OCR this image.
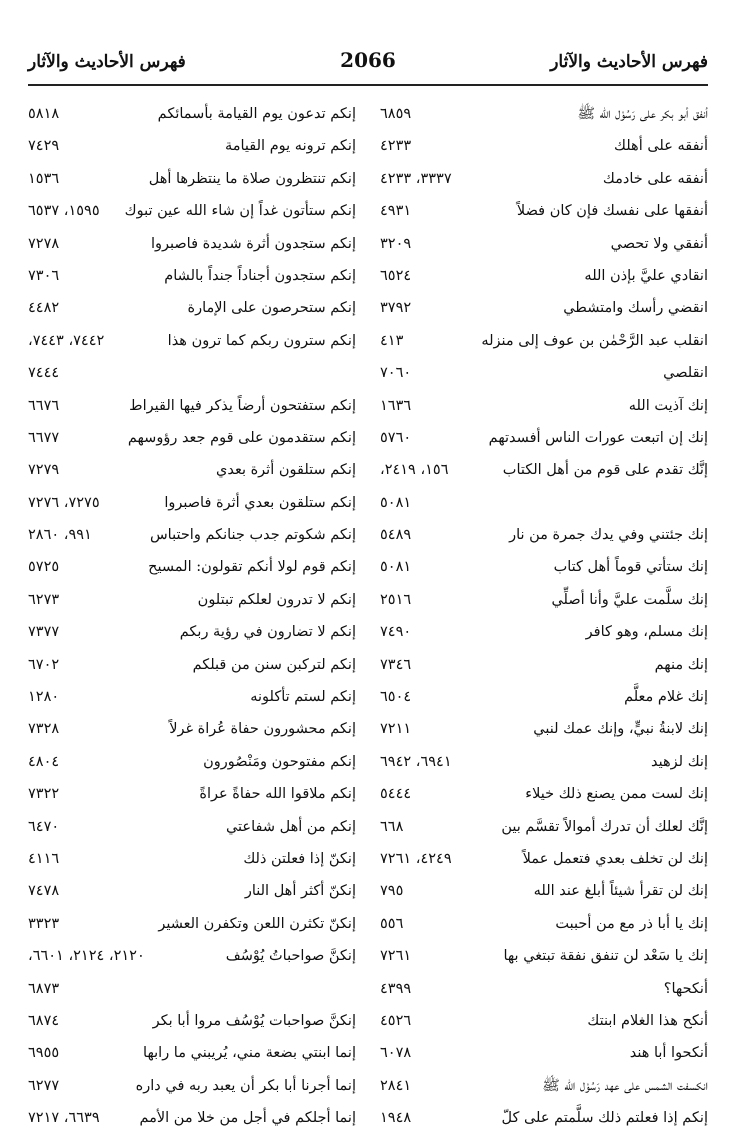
فهرس الأحاديث والآثار
2066
فهرس الأحاديث والآثار
أنفق أبو بكر على رَسُوْل الله ﷺ
٦٨٥٩
أنفقه على أهلك
٤٢٣٣
أنفقه على خادمك
٣٣٣٧، ٤٢٣٣
أنفقها على نفسك فإن كان فضلاً
٤٩٣١
أنفقي ولا تحصي
٣٢٠٩
انقادي عليَّ بإذن الله
٦٥٢٤
انقضي رأسك وامتشطي
٣٧٩٢
انقلب عبد الرَّحْمٰن بن عوف إلى منزله
٤١٣
انقلصي
٧٠٦٠
إنك آذيت الله
١٦٣٦
إنك إن اتبعت عورات الناس أفسدتهم
٥٧٦٠
إنَّك تقدم على قوم من أهل الكتاب
١٥٦، ٢٤١٩،
٥٠٨١
إنك جئتني وفي يدك جمرة من نار
٥٤٨٩
إنك ستأتي قوماً أهل كتاب
٥٠٨١
إنك سلَّمت عليَّ وأنا أصلِّي
٢٥١٦
إنك مسلم، وهو كافر
٧٤٩٠
إنك منهم
٧٣٤٦
إنك غلام معلَّم
٦٥٠٤
إنك لابنةُ نبيٍّ، وإنك عمك لنبي
٧٢١١
إنك لزهيد
٦٩٤١، ٦٩٤٢
إنك لست ممن يصنع ذلك خيلاء
٥٤٤٤
إنَّك لعلك أن تدرك أموالاً تقسَّم بين
٦٦٨
إنك لن تخلف بعدي فتعمل عملاً
٤٢٤٩، ٧٢٦١
إنك لن تقرأ شيئاً أبلغ عند الله
٧٩٥
إنك يا أبا ذر مع من أحببت
٥٥٦
إنك يا سَعْد لن تنفق نفقة تبتغي بها
٧٢٦١
أنكحها؟
٤٣٩٩
أنكح هذا الغلام ابنتك
٤٥٢٦
أنكحوا أبا هند
٦٠٧٨
انكسفت الشمس على عهد رَسُوْل الله ﷺ
٢٨٤١
إنكم إذا فعلتم ذلك سلَّمتم على كلّ
١٩٤٨
إنكم تدعون يوم القيامة بأسمائكم
٥٨١٨
إنكم ترونه يوم القيامة
٧٤٢٩
إنكم تنتظرون صلاة ما ينتظرها أهل
١٥٣٦
إنكم ستأتون غداً إن شاء الله عين تبوك
١٥٩٥، ٦٥٣٧
إنكم ستجدون أثرة شديدة فاصبروا
٧٢٧٨
إنكم ستجدون أجناداً جنداً بالشام
٧٣٠٦
إنكم ستحرصون على الإمارة
٤٤٨٢
إنكم سترون ربكم كما ترون هذا
٧٤٤٢، ٧٤٤٣،
٧٤٤٤
إنكم ستفتحون أرضاً يذكر فيها القيراط
٦٦٧٦
إنكم ستقدمون على قوم جعد رؤوسهم
٦٦٧٧
إنكم ستلقون أثرة بعدي
٧٢٧٩
إنكم ستلقون بعدي أثرة فاصبروا
٧٢٧٥، ٧٢٧٦
إنكم شكوتم جدب جنانكم واحتباس
٩٩١، ٢٨٦٠
إنكم قوم لولا أنكم تقولون: المسيح
٥٧٢٥
إنكم لا تدرون لعلكم تبتلون
٦٢٧٣
إنكم لا تضارون في رؤية ربكم
٧٣٧٧
إنكم لتركبن سنن من قبلكم
٦٧٠٢
إنكم لستم تأكلونه
١٢٨٠
إنكم محشورون حفاة عُراة غرلاً
٧٣٢٨
إنكم مفتوحون ومَنْصُورون
٤٨٠٤
إنكم ملاقوا الله حفاةً عراةً
٧٣٢٢
إنكم من أهل شفاعتي
٦٤٧٠
إنكنّ إذا فعلتن ذلك
٤١١٦
إنكنّ أكثر أهل النار
٧٤٧٨
إنكنّ تكثرن اللعن وتكفرن العشير
٣٣٢٣
إنكنَّ صواحباتُ يُوْسُف
٢١٢٠، ٢١٢٤، ٦٦٠١،
٦٨٧٣
إنكنَّ صواحبات يُوْسُف مروا أبا بكر
٦٨٧٤
إنما ابنتي بضعة مني، يُريبني ما رابها
٦٩٥٥
إنما أجرنا أبا بكر أن يعبد ربه في داره
٦٢٧٧
إنما أجلكم في أجل من خلا من الأمم
٦٦٣٩، ٧٢١٧
